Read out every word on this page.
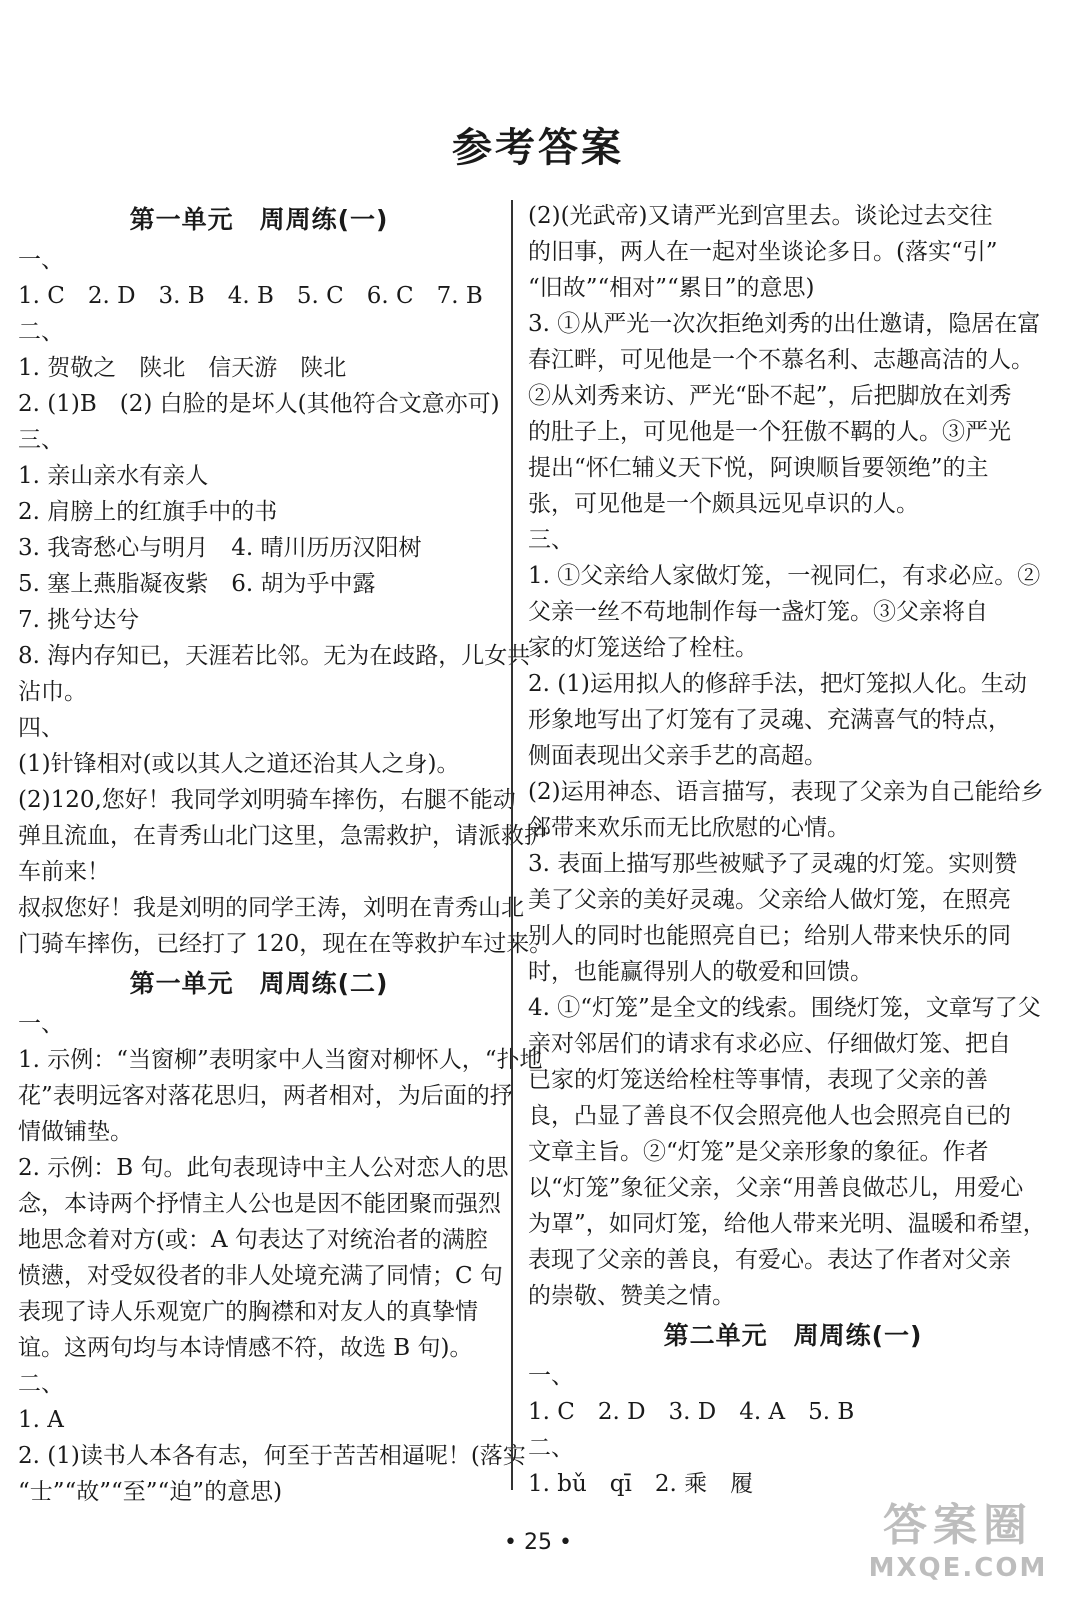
参考答案
第一单元　周周练(一)
一、
1. C　2. D　3. B　4. B　5. C　6. C　7. B
二、
1. 贺敬之　陕北　信天游　陕北
2. (1)B　(2) 白脸的是坏人(其他符合文意亦可)
三、
1. 亲山亲水有亲人
2. 肩膀上的红旗手中的书
3. 我寄愁心与明月　4. 晴川历历汉阳树
5. 塞上燕脂凝夜紫　6. 胡为乎中露
7. 挑兮达兮
8. 海内存知已，天涯若比邻。无为在歧路，儿女共
沾巾。
四、
(1)针锋相对(或以其人之道还治其人之身)。
(2)120,您好！我同学刘明骑车摔伤，右腿不能动
弹且流血，在青秀山北门这里，急需救护，请派救护
车前来！
叔叔您好！我是刘明的同学王涛，刘明在青秀山北
门骑车摔伤，已经打了 120，现在在等救护车过来。
第一单元　周周练(二)
一、
1. 示例：“当窗柳”表明家中人当窗对柳怀人，“扑地
花”表明远客对落花思归，两者相对，为后面的抒
情做铺垫。
2. 示例：B 句。此句表现诗中主人公对恋人的思
念，本诗两个抒情主人公也是因不能团聚而强烈
地思念着对方(或：A 句表达了对统治者的满腔
愤懑，对受奴役者的非人处境充满了同情；C 句
表现了诗人乐观宽广的胸襟和对友人的真挚情
谊。这两句均与本诗情感不符，故选 B 句)。
二、
1. A
2. (1)读书人本各有志，何至于苦苦相逼呢！(落实
“士”“故”“至”“迫”的意思)
(2)(光武帝)又请严光到宫里去。谈论过去交往
的旧事，两人在一起对坐谈论多日。(落实“引”
“旧故”“相对”“累日”的意思)
3. ①从严光一次次拒绝刘秀的出仕邀请，隐居在富
春江畔，可见他是一个不慕名利、志趣高洁的人。
②从刘秀来访、严光“卧不起”，后把脚放在刘秀
的肚子上，可见他是一个狂傲不羁的人。③严光
提出“怀仁辅义天下悦，阿谀顺旨要领绝”的主
张，可见他是一个颇具远见卓识的人。
三、
1. ①父亲给人家做灯笼，一视同仁，有求必应。②
父亲一丝不苟地制作每一盏灯笼。③父亲将自
家的灯笼送给了栓柱。
2. (1)运用拟人的修辞手法，把灯笼拟人化。生动
形象地写出了灯笼有了灵魂、充满喜气的特点，
侧面表现出父亲手艺的高超。
(2)运用神态、语言描写，表现了父亲为自己能给乡
邻带来欢乐而无比欣慰的心情。
3. 表面上描写那些被赋予了灵魂的灯笼。实则赞
美了父亲的美好灵魂。父亲给人做灯笼，在照亮
别人的同时也能照亮自已；给别人带来快乐的同
时，也能赢得别人的敬爱和回馈。
4. ①“灯笼”是全文的线索。围绕灯笼，文章写了父
亲对邻居们的请求有求必应、仔细做灯笼、把自
已家的灯笼送给栓柱等事情，表现了父亲的善
良，凸显了善良不仅会照亮他人也会照亮自已的
文章主旨。②“灯笼”是父亲形象的象征。作者
以“灯笼”象征父亲，父亲“用善良做芯儿，用爱心
为罩”，如同灯笼，给他人带来光明、温暖和希望，
表现了父亲的善良，有爱心。表达了作者对父亲
的崇敬、赞美之情。
第二单元　周周练(一)
一、
1. C　2. D　3. D　4. A　5. B
二、
1. bǔ　qī　2. 乘　履
• 25 •	答案圈
MXQE.COM
